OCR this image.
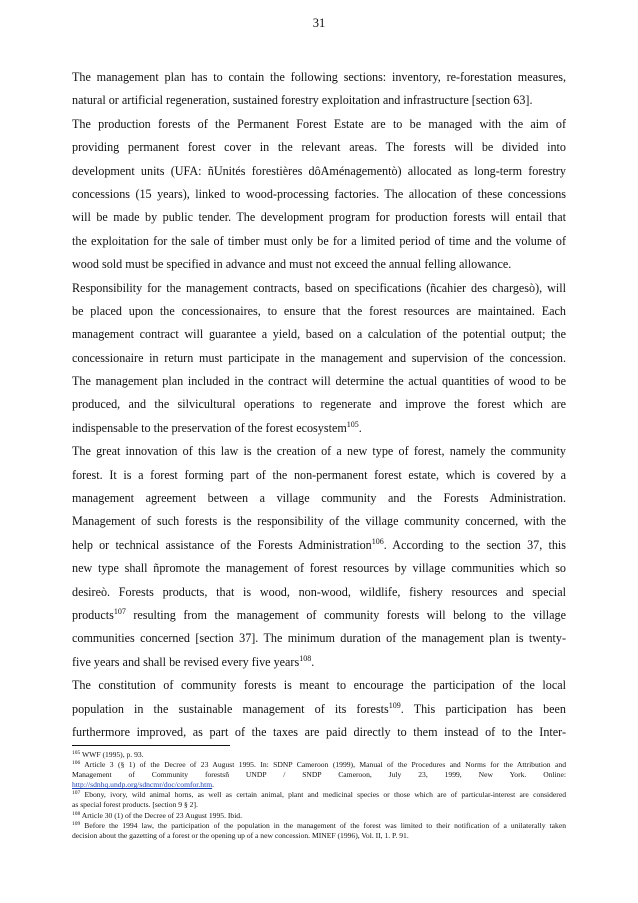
31
The management plan has to contain the following sections: inventory, re-forestation measures,
natural or artificial regeneration, sustained forestry exploitation and infrastructure [section 63].
The production forests of the Permanent Forest Estate are to be managed with the aim of
providing permanent forest cover in the relevant areas. The forests will be divided into
development units (UFA: ñUnités forestières dôAménagementò) allocated as long-term forestry
concessions (15 years), linked to wood-processing factories. The allocation of these concessions
will be made by public tender. The development program for production forests will entail that
the exploitation for the sale of timber must only be for a limited period of time and the volume of
wood sold must be specified in advance and must not exceed the annual felling allowance.
Responsibility for the management contracts, based on specifications (ñcahier des chargesò), will
be placed upon the concessionaires, to ensure that the forest resources are maintained. Each
management contract will guarantee a yield, based on a calculation of the potential output; the
concessionaire in return must participate in the management and supervision of the concession.
The management plan included in the contract will determine the actual quantities of wood to be
produced, and the silvicultural operations to regenerate and improve the forest which are
indispensable to the preservation of the forest ecosystem$^{105}$.
The great innovation of this law is the creation of a new type of forest, namely the community
forest. It is a forest forming part of the non-permanent forest estate, which is covered by a
management agreement between a village community and the Forests Administration.
Management of such forests is the responsibility of the village community concerned, with the
help or technical assistance of the Forests Administration$^{106}$. According to the section 37, this
new type shall ñpromote the management of forest resources by village communities which so
desireò. Forests products, that is wood, non-wood, wildlife, fishery resources and special
products$^{107}$ resulting from the management of community forests will belong to the village
communities concerned [section 37]. The minimum duration of the management plan is twenty-
five years and shall be revised every five years$^{108}$.
The constitution of community forests is meant to encourage the participation of the local
population in the sustainable management of its forests$^{109}$. This participation has been
furthermore improved, as part of the taxes are paid directly to them instead of to the Inter-
$^{105}$ WWF (1995), p. 93.
$^{106}$ Article 3 (§ 1) of the Decree of 23 August 1995. In: SDNP Cameroon (1999), Manual of the Procedures and Norms for the Attribution and
Management of Community forestsñ UNDP / SNDP Cameroon, July 23, 1999, New York. Online:
http://sdnhq.undp.org/sdncmr/doc/comfor.htm.
$^{107}$ Ebony, ivory, wild animal horns, as well as certain animal, plant and medicinal species or those which are of particular-interest are considered
as special forest products. [section 9 § 2].
$^{108}$ Article 30 (1) of the Decree of 23 August 1995. Ibid.
$^{109}$ Before the 1994 law, the participation of the population in the management of the forest was limited to their notification of a unilaterally taken
decision about the gazetting of a forest or the opening up of a new concession. MINEF (1996), Vol. II, 1. P. 91.
